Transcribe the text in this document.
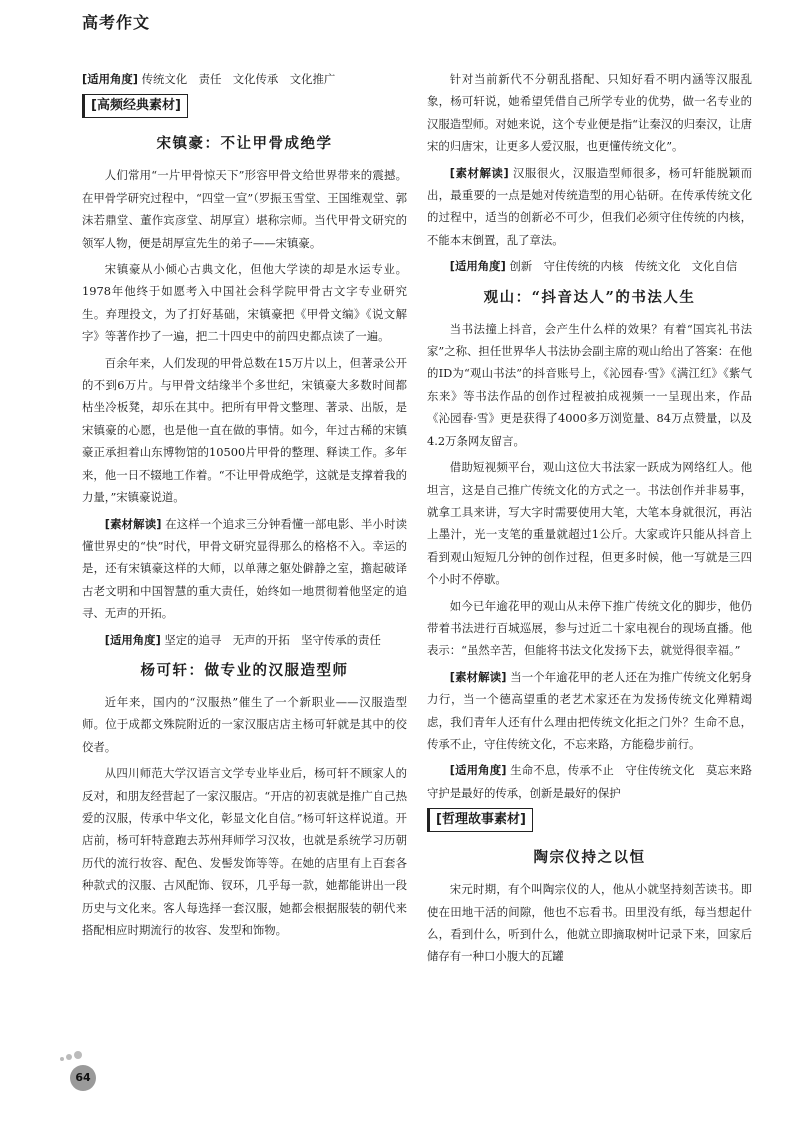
高考作文

[适用角度] 传统文化　责任　文化传承　文化推广

[高频经典素材]
宋镇豪：不让甲骨成绝学

人们常用“一片甲骨惊天下”形容甲骨文给世界带来的震撼。在甲骨学研究过程中，“四堂一宣”（罗振玉雪堂、王国维观堂、郭沫若鼎堂、董作宾彦堂、胡厚宣）堪称宗师。当代甲骨文研究的领军人物，便是胡厚宣先生的弟子——宋镇豪。

宋镇豪从小倾心古典文化，但他大学读的却是水运专业。1978年他终于如愿考入中国社会科学院甲骨古文字专业研究生。弃理投文，为了打好基础，宋镇豪把《甲骨文编》《说文解字》等著作抄了一遍，把二十四史中的前四史都点读了一遍。

百余年来，人们发现的甲骨总数在15万片以上，但著录公开的不到6万片。与甲骨文结缘半个多世纪，宋镇豪大多数时间都枯坐冷板凳，却乐在其中。把所有甲骨文整理、著录、出版，是宋镇豪的心愿，也是他一直在做的事情。如今，年过古稀的宋镇豪正承担着山东博物馆的10500片甲骨的整理、释读工作。多年来，他一日不辍地工作着。“不让甲骨成绝学，这就是支撑着我的力量，”宋镇豪说道。

[素材解读] 在这样一个追求三分钟看懂一部电影、半小时读懂世界史的“快”时代，甲骨文研究显得那么的格格不入。幸运的是，还有宋镇豪这样的大师，以单薄之躯处僻静之室，擔起破译古老文明和中国智慧的重大责任，始终如一地贯彻着他坚定的追寻、无声的开拓。

[适用角度] 坚定的追寻　无声的开拓　坚守传承的责任

杨可轩：做专业的汉服造型师

近年来，国内的“汉服热”催生了一个新职业——汉服造型师。位于成都文殊院附近的一家汉服店店主杨可轩就是其中的佼佼者。

从四川师范大学汉语言文学专业毕业后，杨可轩不顾家人的反对，和朋友经营起了一家汉服店。“开店的初衷就是推广自己热爱的汉服，传承中华文化，彰显文化自信。”杨可轩这样说道。开店前，杨可轩特意跑去苏州拜师学习汉妆，也就是系统学习历朝历代的流行妆容、配色、发髻发饰等等。在她的店里有上百套各种款式的汉服、古风配饰、钗环，几乎每一款，她都能讲出一段历史与文化来。客人每选择一套汉服，她都会根据服装的朝代来搭配相应时期流行的妆容、发型和饰物。

针对当前新代不分朝乱搭配、只知好看不明内涵等汉服乱象，杨可轩说，她希望凭借自己所学专业的优势，做一名专业的汉服造型师。对她来说，这个专业便是指“让秦汉的归秦汉，让唐宋的归唐宋，让更多人爱汉服，也更懂传统文化”。

[素材解读] 汉服很火，汉服造型师很多，杨可轩能脱颖而出，最重要的一点是她对传统造型的用心钻研。在传承传统文化的过程中，适当的创新必不可少，但我们必须守住传统的内核，不能本末倒置，乱了章法。

[适用角度] 创新　守住传统的内核　传统文化　文化自信

观山：“抖音达人”的书法人生

当书法撞上抖音，会产生什么样的效果？有着“国宾礼书法家”之称、担任世界华人书法协会副主席的观山给出了答案：在他的ID为“观山书法”的抖音账号上，《沁园春·雪》《满江红》《紫气东来》等书法作品的创作过程被拍成视频一一呈现出来，作品《沁园春·雪》更是获得了4000多万浏览量、84万点赞量，以及4.2万条网友留言。

借助短视频平台，观山这位大书法家一跃成为网络红人。他坦言，这是自己推广传统文化的方式之一。书法创作并非易事，就拿工具来讲，写大字时需要使用大笔，大笔本身就很沉，再沾上墨汁，光一支笔的重量就超过1公斤。大家或许只能从抖音上看到观山短短几分钟的创作过程，但更多时候，他一写就是三四个小时不停歇。

如今已年逾花甲的观山从未停下推广传统文化的脚步，他仍带着书法进行百城巡展，参与过近二十家电视台的现场直播。他表示：“虽然辛苦，但能将书法文化发扬下去，就觉得很幸福。”

[素材解读] 当一个年逾花甲的老人还在为推广传统文化躬身力行，当一个德高望重的老艺术家还在为发扬传统文化殚精竭虑，我们青年人还有什么理由把传统文化拒之门外？生命不息，传承不止，守住传统文化，不忘来路，方能稳步前行。

[适用角度] 生命不息，传承不止　守住传统文化　莫忘来路　守护是最好的传承，创新是最好的保护

[哲理故事素材]
陶宗仪持之以恒

宋元时期，有个叫陶宗仪的人，他从小就坚持刻苦读书。即使在田地干活的间隙，他也不忘看书。田里没有纸，每当想起什么，看到什么，听到什么，他就立即摘取树叶记录下来，回家后储存有一种口小腹大的瓦罐

64
